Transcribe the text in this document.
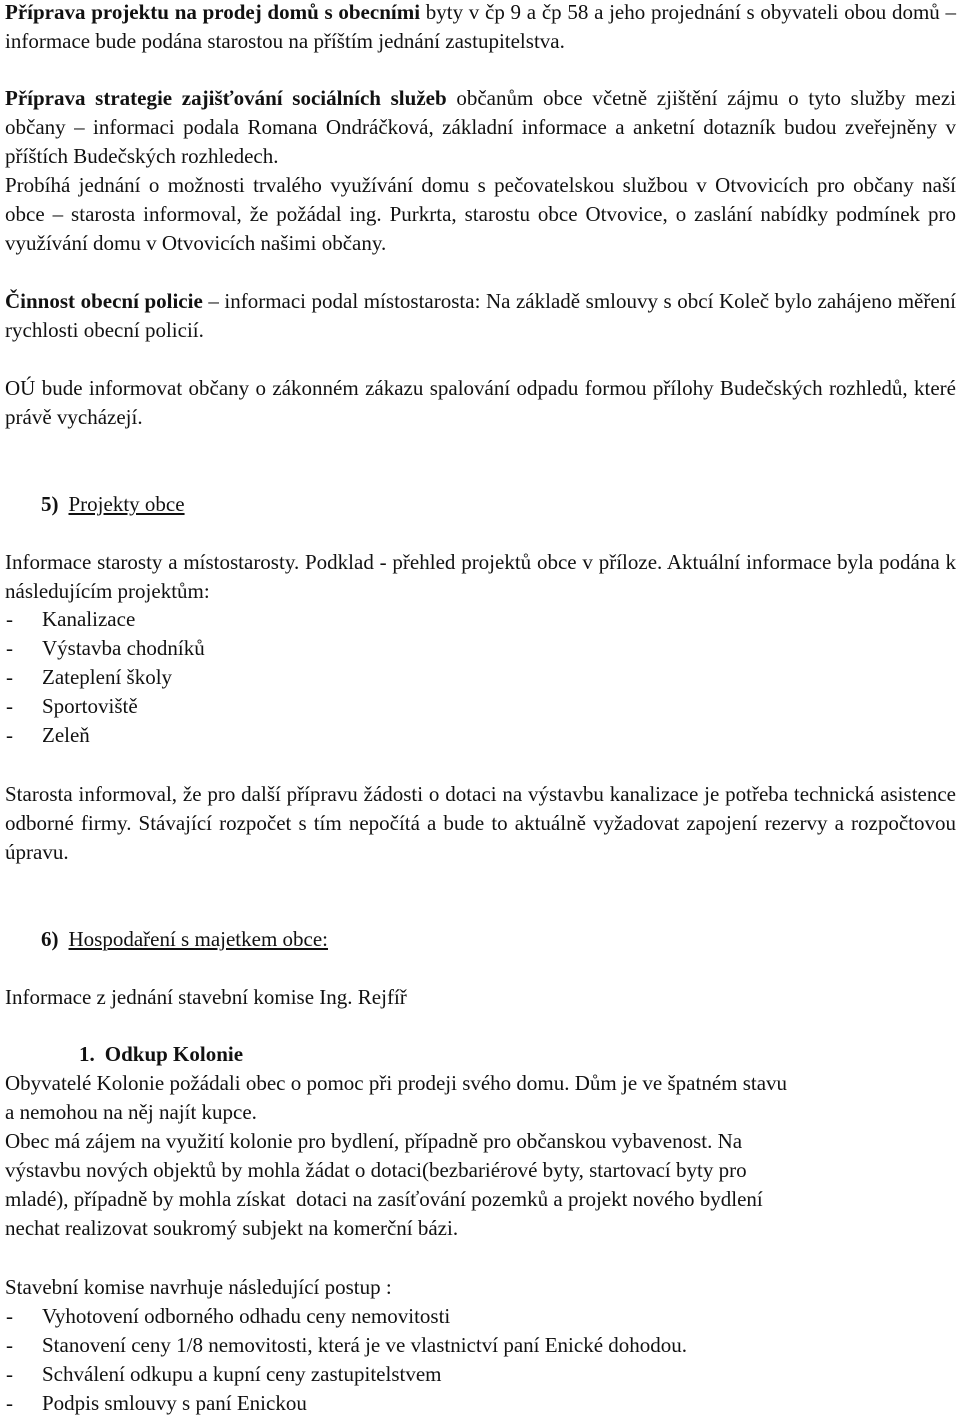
Příprava projektu na prodej domů s obecními byty v čp 9 a čp 58 a jeho projednání s obyvateli obou domů – informace bude podána starostou na příštím jednání zastupitelstva.

Příprava strategie zajišťování sociálních služeb občanům obce včetně zjištění zájmu o tyto služby mezi občany – informaci podala Romana Ondráčková, základní informace a anketní dotazník budou zveřejněny v příštích Budečských rozhledech.

Probíhá jednání o možnosti trvalého využívání domu s pečovatelskou službou v Otvovicích pro občany naší obce – starosta informoval, že požádal ing. Purkrta, starostu obce Otvovice, o zaslání nabídky podmínek pro využívání domu v Otvovicích našimi občany.

Činnost obecní policie – informaci podal místostarosta: Na základě smlouvy s obcí Koleč bylo zahájeno měření rychlosti obecní policií.

OÚ bude informovat občany o zákonném zákazu spalování odpadu formou přílohy Budečských rozhledů, které právě vycházejí.

5) Projekty obce

Informace starosty a místostarosty. Podklad - přehled projektů obce v příloze. Aktuální informace byla podána k následujícím projektům:

-	Kanalizace
-	Výstavba chodníků
-	Zateplení školy
-	Sportoviště
-	Zeleň

Starosta informoval, že pro další přípravu žádosti o dotaci na výstavbu kanalizace je potřeba technická asistence odborné firmy. Stávající rozpočet s tím nepočítá a bude to aktuálně vyžadovat zapojení rezervy a rozpočtovou úpravu.

6) Hospodaření s majetkem obce:

Informace z jednání stavební komise Ing. Rejfíř

1. Odkup Kolonie
Obyvatelé Kolonie požádali obec o pomoc při prodeji svého domu. Dům je ve špatném stavu
a nemohou na něj najít kupce.
Obec má zájem na využití kolonie pro bydlení, případně pro občanskou vybavenost. Na
výstavbu nových objektů by mohla žádat o dotaci(bezbariérové byty, startovací byty pro
mladé), případně by mohla získat  dotaci na zasíťování pozemků a projekt nového bydlení
nechat realizovat soukromý subjekt na komerční bázi.

Stavební komise navrhuje následující postup :

-	Vyhotovení odborného odhadu ceny nemovitosti
-	Stanovení ceny 1/8 nemovitosti, která je ve vlastnictví paní Enické dohodou.
-	Schválení odkupu a kupní ceny zastupitelstvem
-	Podpis smlouvy s paní Enickou
